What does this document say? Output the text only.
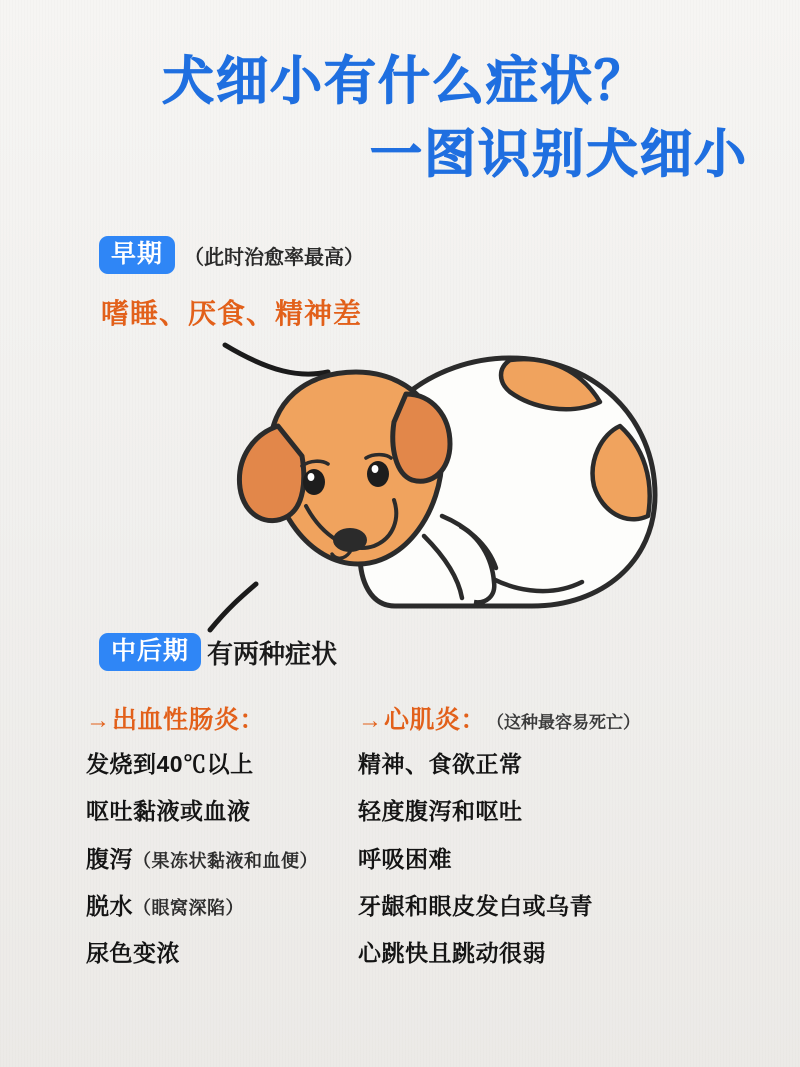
犬细小有什么症状？
一图识别犬细小
早期	（此时治愈率最高）
嗜睡、厌食、精神差
中后期 有两种症状
→ 出血性肠炎：
发烧到40℃以上
呕吐黏液或血液
腹泻（果冻状黏液和血便）
脱水（眼窝深陷）
尿色变浓
→ 心肌炎： （这种最容易死亡）
精神、食欲正常
轻度腹泻和呕吐
呼吸困难
牙龈和眼皮发白或乌青
心跳快且跳动很弱
